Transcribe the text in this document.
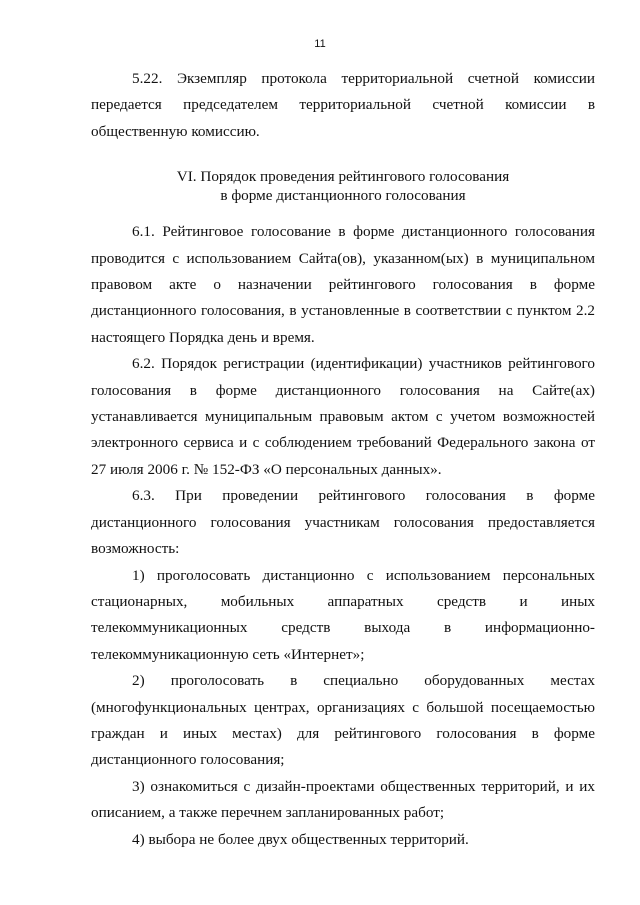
11

5.22. Экземпляр протокола территориальной счетной комиссии передается председателем территориальной счетной комиссии в общественную комиссию.

VI. Порядок проведения рейтингового голосования
в форме дистанционного голосования

6.1. Рейтинговое голосование в форме дистанционного голосования проводится с использованием Сайта(ов), указанном(ых) в муниципальном правовом акте о назначении рейтингового голосования в форме дистанционного голосования, в установленные в соответствии с пунктом 2.2 настоящего Порядка день и время.

6.2. Порядок регистрации (идентификации) участников рейтингового голосования в форме дистанционного голосования на Сайте(ах) устанавливается муниципальным правовым актом с учетом возможностей электронного сервиса и с соблюдением требований Федерального закона от 27 июля 2006 г. № 152-ФЗ «О персональных данных».

6.3. При проведении рейтингового голосования в форме дистанционного голосования участникам голосования предоставляется возможность:

1) проголосовать дистанционно с использованием персональных стационарных, мобильных аппаратных средств и иных телекоммуникационных средств выхода в информационно-телекоммуникационную сеть «Интернет»;

2) проголосовать в специально оборудованных местах (многофункциональных центрах, организациях с большой посещаемостью граждан и иных местах) для рейтингового голосования в форме дистанционного голосования;

3) ознакомиться с дизайн-проектами общественных территорий, и их описанием, а также перечнем запланированных работ;

4) выбора не более двух общественных территорий.
